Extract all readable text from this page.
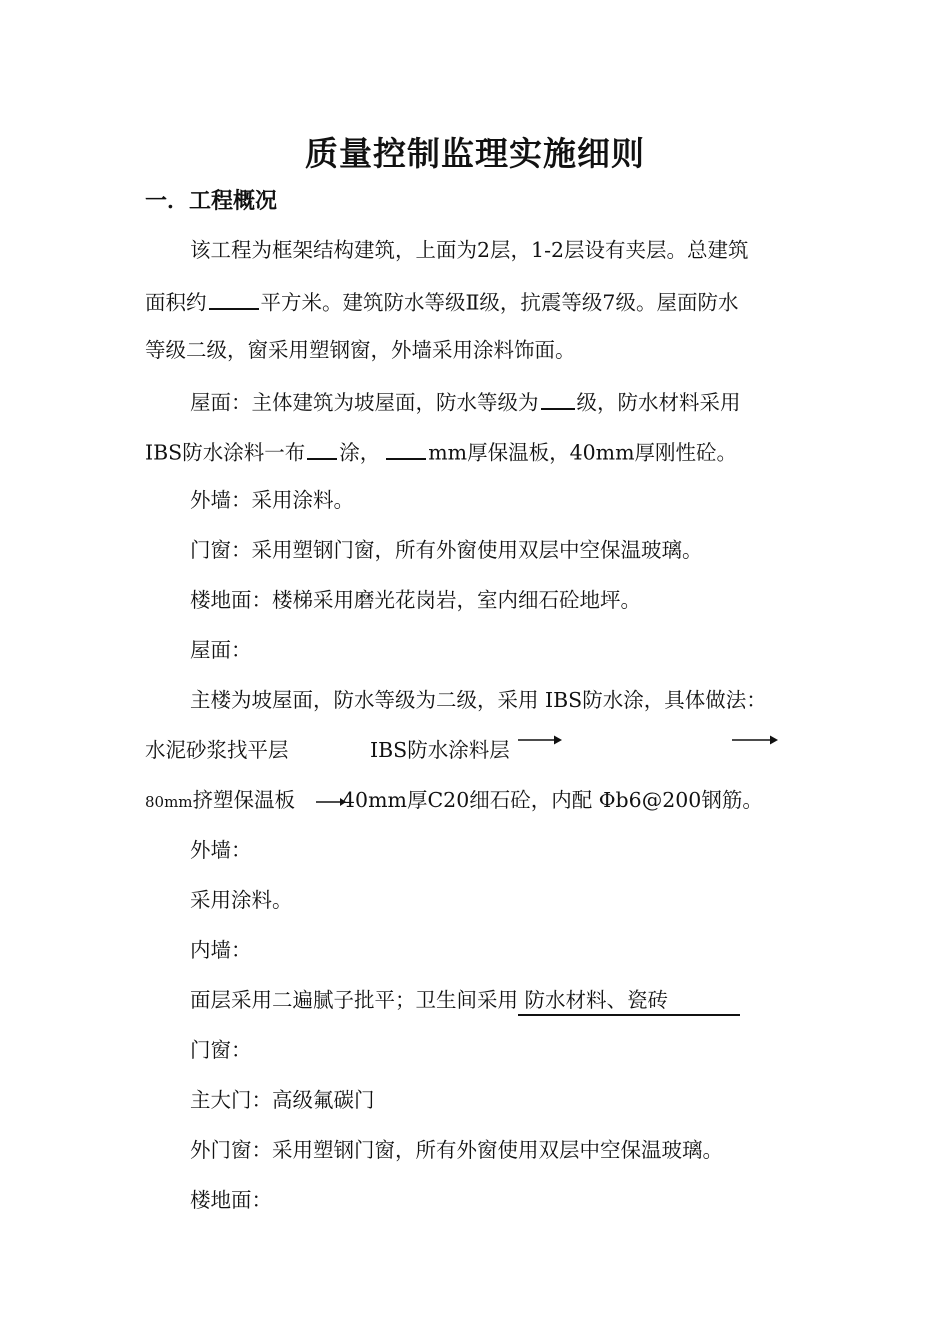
质量控制监理实施细则
一．工程概况

该工程为框架结构建筑，上面为2层，1-2层设有夹层。总建筑

面积约	平方米。建筑防水等级Ⅱ级，抗震等级7级。屋面防水

等级二级，窗采用塑钢窗，外墙采用涂料饰面。

屋面：主体建筑为坡屋面，防水等级为 级，防水材料采用

IBS防水涂料一布 涂， mm厚保温板，40mm厚刚性砼。

外墙：采用涂料。

门窗：采用塑钢门窗，所有外窗使用双层中空保温玻璃。

楼地面：楼梯采用磨光花岗岩，室内细石砼地坪。

屋面：

主楼为坡屋面，防水等级为二级，采用 IBS防水涂，具体做法：

水泥砂浆找平层	IBS防水涂料层

80mm挤塑保温板 40mm厚C20细石砼，内配 Φb6@200钢筋。

外墙：

采用涂料。

内墙：

面层采用二遍腻子批平；卫生间采用 防水材料、瓷砖

门窗：

主大门：高级氟碳门

外门窗：采用塑钢门窗，所有外窗使用双层中空保温玻璃。

楼地面：
